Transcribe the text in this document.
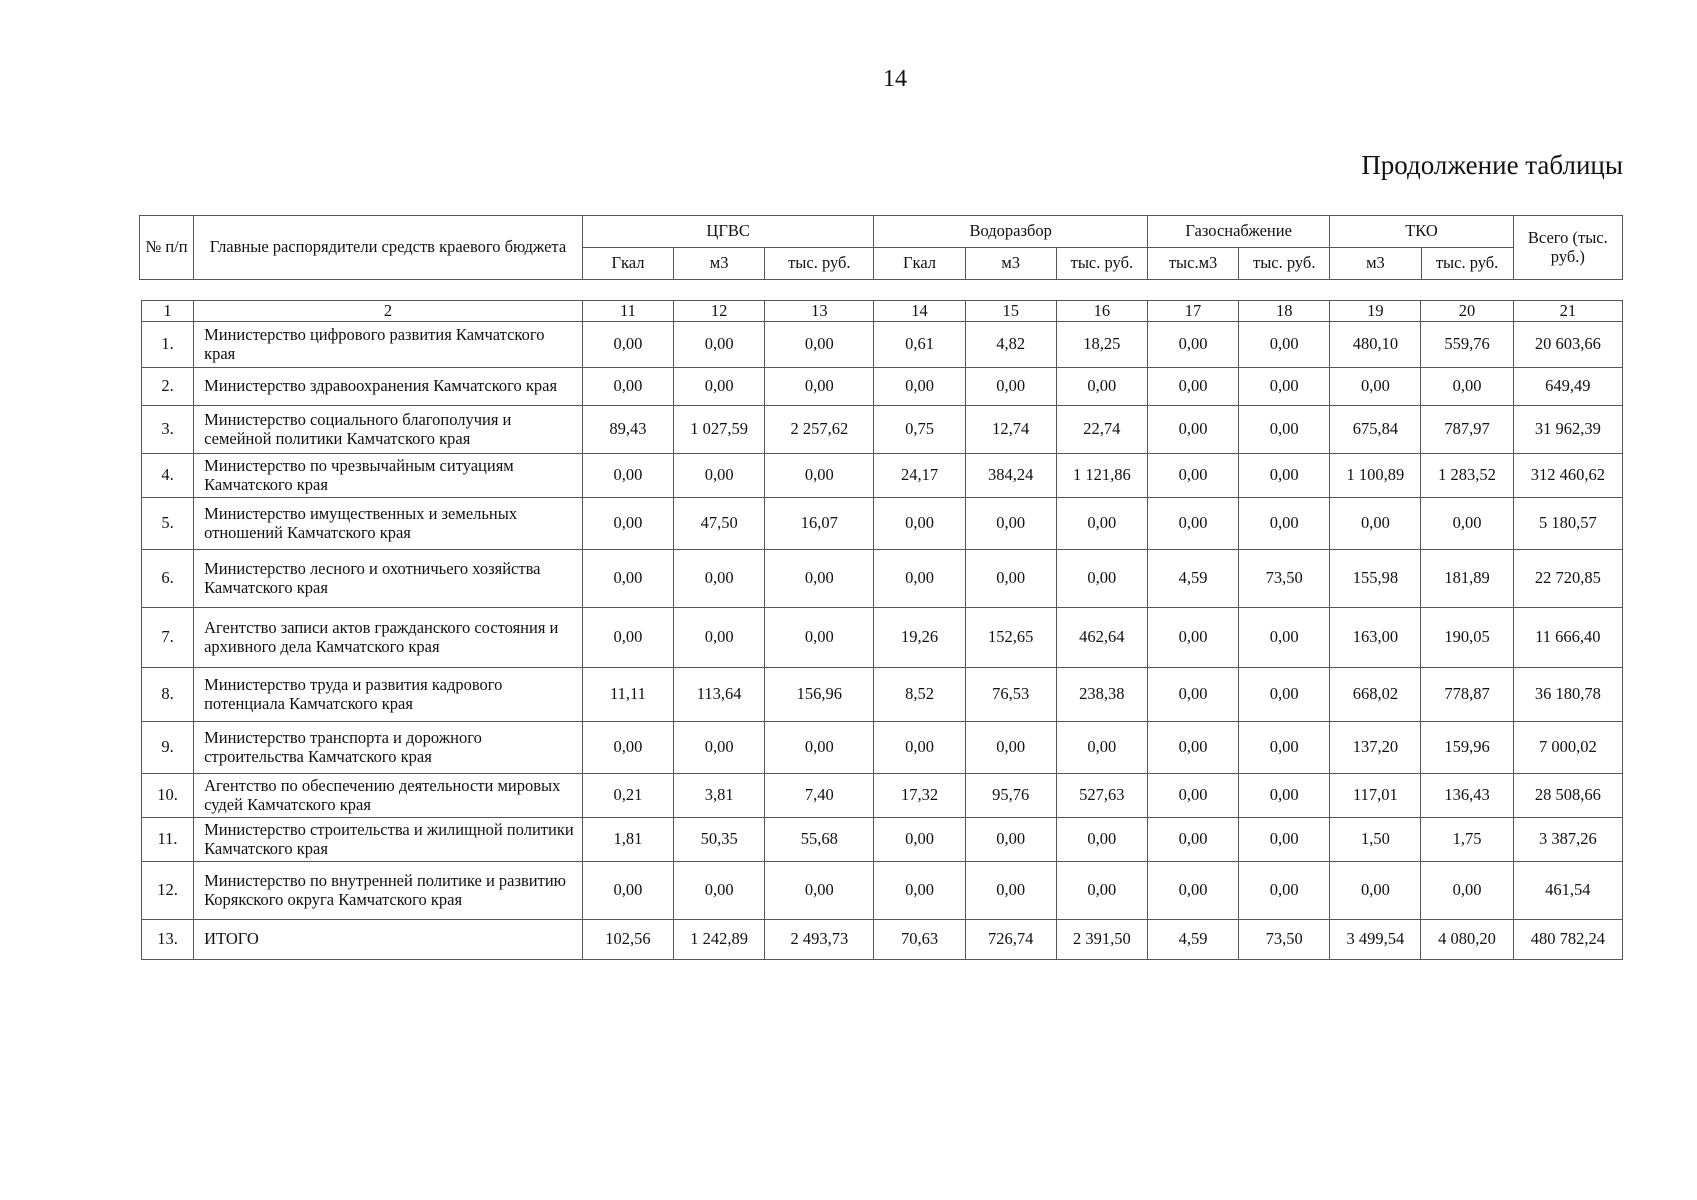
14
Продолжение таблицы
№ п/п	Главные распорядители средств краевого бюджета	ЦГВС			Водоразбор			Газоснабжение		ТКО		Всего (тыс. руб.)
		Гкал	м3	тыс. руб.	Гкал	м3	тыс. руб.	тыс.м3	тыс. руб.	м3	тыс. руб.	
1	2	11	12	13	14	15	16	17	18	19	20	21
1.	Министерство цифрового развития Камчатского края	0,00	0,00	0,00	0,61	4,82	18,25	0,00	0,00	480,10	559,76	20 603,66
2.	Министерство здравоохранения Камчатского края	0,00	0,00	0,00	0,00	0,00	0,00	0,00	0,00	0,00	0,00	649,49
3.	Министерство социального благополучия и семейной политики Камчатского края	89,43	1 027,59	2 257,62	0,75	12,74	22,74	0,00	0,00	675,84	787,97	31 962,39
4.	Министерство по чрезвычайным ситуациям Камчатского края	0,00	0,00	0,00	24,17	384,24	1 121,86	0,00	0,00	1 100,89	1 283,52	312 460,62
5.	Министерство имущественных и земельных отношений Камчатского края	0,00	47,50	16,07	0,00	0,00	0,00	0,00	0,00	0,00	0,00	5 180,57
6.	Министерство лесного и охотничьего хозяйства Камчатского края	0,00	0,00	0,00	0,00	0,00	0,00	4,59	73,50	155,98	181,89	22 720,85
7.	Агентство записи актов гражданского состояния и архивного дела Камчатского края	0,00	0,00	0,00	19,26	152,65	462,64	0,00	0,00	163,00	190,05	11 666,40
8.	Министерство труда и развития кадрового потенциала Камчатского края	11,11	113,64	156,96	8,52	76,53	238,38	0,00	0,00	668,02	778,87	36 180,78
9.	Министерство транспорта и дорожного строительства Камчатского края	0,00	0,00	0,00	0,00	0,00	0,00	0,00	0,00	137,20	159,96	7 000,02
10.	Агентство по обеспечению деятельности мировых судей Камчатского края	0,21	3,81	7,40	17,32	95,76	527,63	0,00	0,00	117,01	136,43	28 508,66
11.	Министерство строительства и жилищной политики Камчатского края	1,81	50,35	55,68	0,00	0,00	0,00	0,00	0,00	1,50	1,75	3 387,26
12.	Министерство по внутренней политике и развитию Корякского округа Камчатского края	0,00	0,00	0,00	0,00	0,00	0,00	0,00	0,00	0,00	0,00	461,54
13.	ИТОГО	102,56	1 242,89	2 493,73	70,63	726,74	2 391,50	4,59	73,50	3 499,54	4 080,20	480 782,24
